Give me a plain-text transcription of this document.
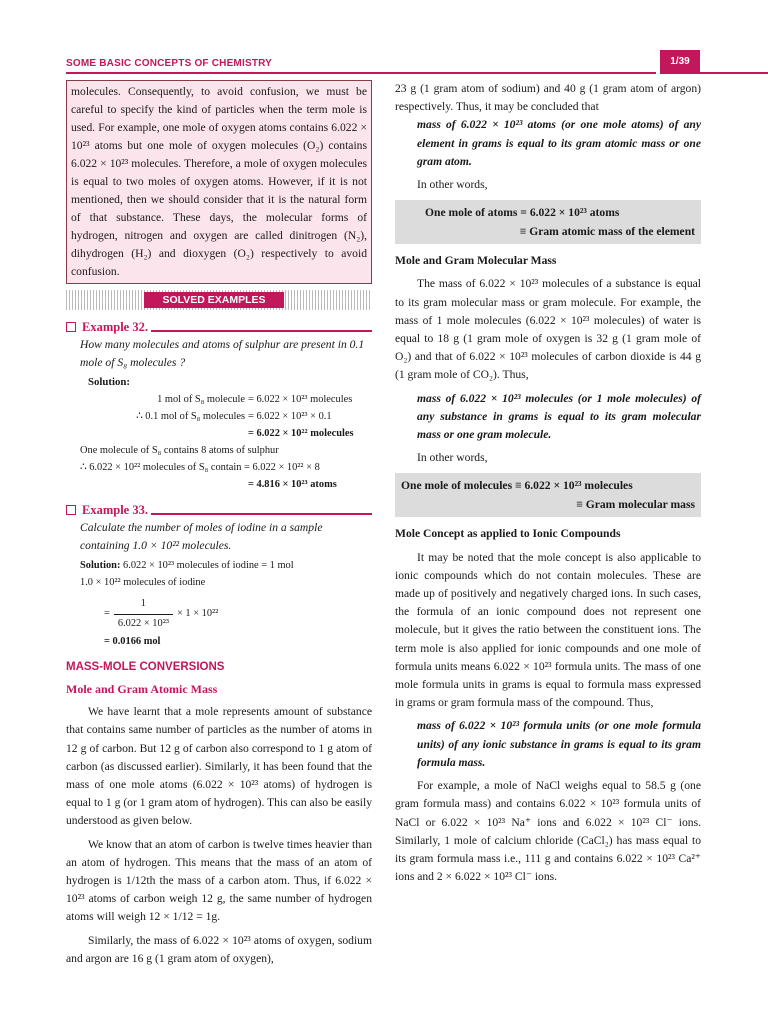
SOME BASIC CONCEPTS OF CHEMISTRY	1/39

molecules. Consequently, to avoid confusion, we must be careful to specify the kind of particles when the term mole is used. For example, one mole of oxygen atoms contains 6.022 × 10²³ atoms but one mole of oxygen molecules (O₂) contains 6.022 × 10²³ molecules. Therefore, a mole of oxygen molecules is equal to two moles of oxygen atoms. However, if it is not mentioned, then we should consider that it is the natural form of that substance. These days, the molecular forms of hydrogen, nitrogen and oxygen are called dinitrogen (N₂), dihydrogen (H₂) and dioxygen (O₂) respectively to avoid confusion.

SOLVED EXAMPLES
Example 32.

How many molecules and atoms of sulphur are present in 0.1 mole of S₈ molecules ?

Solution:

1 mol of S₈ molecule = 6.022 × 10²³ molecules
∴ 0.1 mol of S₈ molecules = 6.022 × 10²³ × 0.1
= 6.022 × 10²² molecules
One molecule of S₈ contains 8 atoms of sulphur
∴ 6.022 × 10²² molecules of S₈ contain = 6.022 × 10²² × 8
= 4.816 × 10²³ atoms
Example 33.

Calculate the number of moles of iodine in a sample containing 1.0 × 10²² molecules.

Solution: 6.022 × 10²³ molecules of iodine = 1 mol
1.0 × 10²² molecules of iodine
= $\frac{1}{\text{6.022 × 10²³}} \times 1 \times 10^{22}$
= 0.0166 mol
MASS-MOLE CONVERSIONS
Mole and Gram Atomic Mass

We have learnt that a mole represents amount of substance that contains same number of particles as the number of atoms in 12 g of carbon. But 12 g of carbon also correspond to 1 g atom of carbon (as discussed earlier). Similarly, it has been found that the mass of one mole atoms (6.022 × 10²³ atoms) of hydrogen is equal to 1 g (or 1 gram atom of hydrogen). This can also be easily understood as given below.

We know that an atom of carbon is twelve times heavier than an atom of hydrogen. This means that the mass of an atom of hydrogen is 1/12th the mass of a carbon atom. Thus, if 6.022 × 10²³ atoms of carbon weigh 12 g, the same number of hydrogen atoms will weigh 12 × 1/12 = 1g.

Similarly, the mass of 6.022 × 10²³ atoms of oxygen, sodium and argon are 16 g (1 gram atom of oxygen),

23 g (1 gram atom of sodium) and 40 g (1 gram atom of argon) respectively. Thus, it may be concluded that

mass of 6.022 × 10²³ atoms (or one mole atoms) of any element in grams is equal to its gram atomic mass or one gram atom.

In other words,

One mole of atoms = 6.022 × 10²³ atoms
≡ Gram atomic mass of the element
Mole and Gram Molecular Mass

The mass of 6.022 × 10²³ molecules of a substance is equal to its gram molecular mass or gram molecule. For example, the mass of 1 mole molecules (6.022 × 10²³ molecules) of water is equal to 18 g (1 gram mole of oxygen is 32 g (1 gram mole of O₂) and that of 6.022 × 10²³ molecules of carbon dioxide is 44 g (1 gram mole of CO₂). Thus,

mass of 6.022 × 10²³ molecules (or 1 mole molecules) of any substance in grams is equal to its gram molecular mass or one gram molecule.

In other words,

One mole of molecules ≡ 6.022 × 10²³ molecules
≡ Gram molecular mass
Mole Concept as applied to Ionic Compounds

It may be noted that the mole concept is also applicable to ionic compounds which do not contain molecules. These are made up of positively and negatively charged ions. In such cases, the formula of an ionic compound does not represent one molecule, but it gives the ratio between the constituent ions. The term mole is also applied for ionic compounds and one mole of formula units means 6.022 × 10²³ formula units. The mass of one mole formula units in grams is equal to formula mass expressed in grams or gram formula mass of the compound. Thus,

mass of 6.022 × 10²³ formula units (or one mole formula units) of any ionic substance in grams is equal to its gram formula mass.

For example, a mole of NaCl weighs equal to 58.5 g (one gram formula mass) and contains 6.022 × 10²³ formula units of NaCl or 6.022 × 10²³ Na⁺ ions and 6.022 × 10²³ Cl⁻ ions. Similarly, 1 mole of calcium chloride (CaCl₂) has mass equal to its gram formula mass i.e., 111 g and contains 6.022 × 10²³ Ca²⁺ ions and 2 × 6.022 × 10²³ Cl⁻ ions.
